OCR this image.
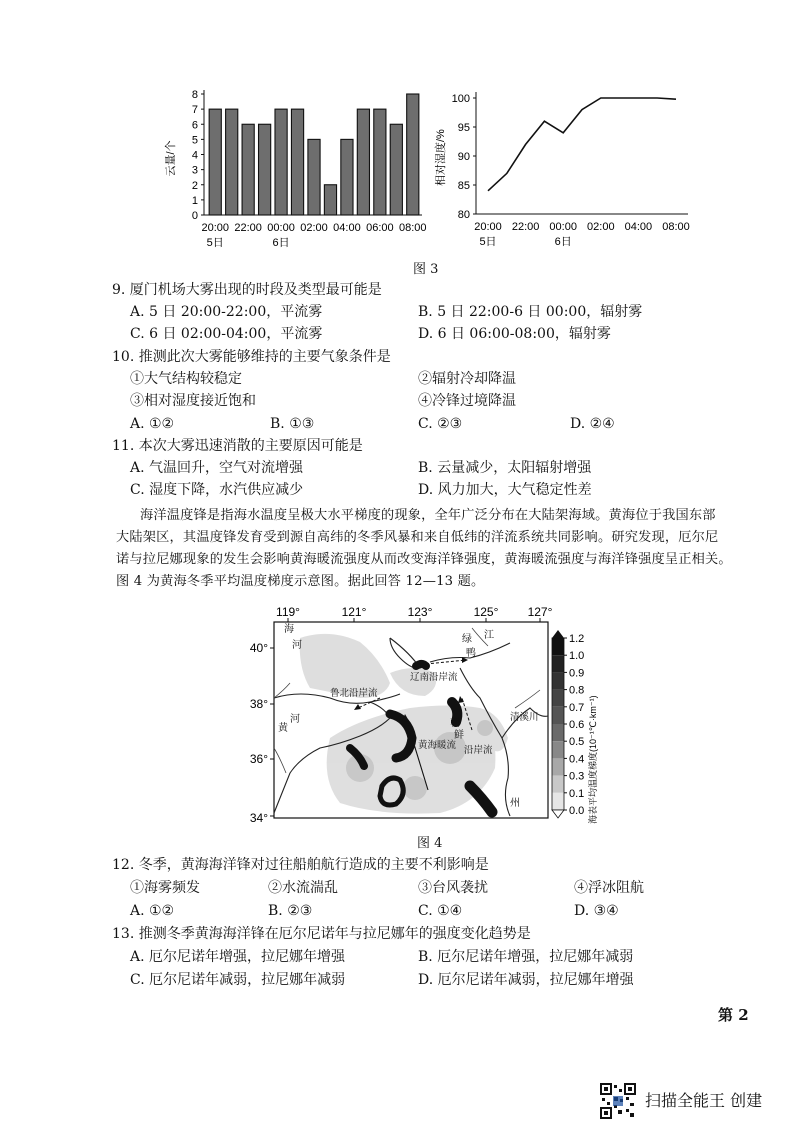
0
1
2
3
4
5
6
7
8
20:00 22:00 00:00 02:00 04:00 06:00 08:00
5日	6日
云量/个
80
85
90
95
100
20:00 22:00 00:00 02:00 04:00 08:00
5日	6日
相对湿度/%
图 3
9. 厦门机场大雾出现的时段及类型最可能是
A. 5 日 20:00-22:00，平流雾	B. 5 日 22:00-6 日 00:00，辐射雾
C. 6 日 02:00-04:00，平流雾	D. 6 日 06:00-08:00，辐射雾
10. 推测此次大雾能够维持的主要气象条件是
①大气结构较稳定	②辐射冷却降温
③相对湿度接近饱和	④冷锋过境降温
A. ①②	B. ①③	C. ②③	D. ②④
11. 本次大雾迅速消散的主要原因可能是
A. 气温回升，空气对流增强	B. 云量减少，太阳辐射增强
C. 湿度下降，水汽供应减少	D. 风力加大，大气稳定性差
海洋温度锋是指海水温度呈极大水平梯度的现象，全年广泛分布在大陆架海域。黄海位于我国东部
大陆架区，其温度锋发育受到源自高纬的冬季风暴和来自低纬的洋流系统共同影响。研究发现，厄尔尼
诺与拉尼娜现象的发生会影响黄海暖流强度从而改变海洋锋强度，黄海暖流强度与海洋锋强度呈正相关。
图 4 为黄海冬季平均温度梯度示意图。据此回答 12—13 题。
119°	121°	123°	125° 127°
40°
38°
36°
34°
海
河
黄
河
鲁北沿岸流
辽南沿岸流
绿 江
鸭
清溪川
朝
鲜
沿岸流
黄海暖流
州
1.2
1.0
0.9
0.8
0.7
0.6
0.5
0.4
0.3
0.1
0.0 海表平均温度梯度(10⁻¹℃·km⁻¹)
图 4
12. 冬季，黄海海洋锋对过往船舶航行造成的主要不利影响是
①海雾频发	②水流湍乱	③台风袭扰	④浮冰阻航
A. ①②	B. ②③	C. ①④	D. ③④
13. 推测冬季黄海海洋锋在厄尔尼诺年与拉尼娜年的强度变化趋势是
A. 厄尔尼诺年增强，拉尼娜年增强	B. 厄尔尼诺年增强，拉尼娜年减弱
C. 厄尔尼诺年减弱，拉尼娜年减弱	D. 厄尔尼诺年减弱，拉尼娜年增强
第 2
扫描全能王 创建
